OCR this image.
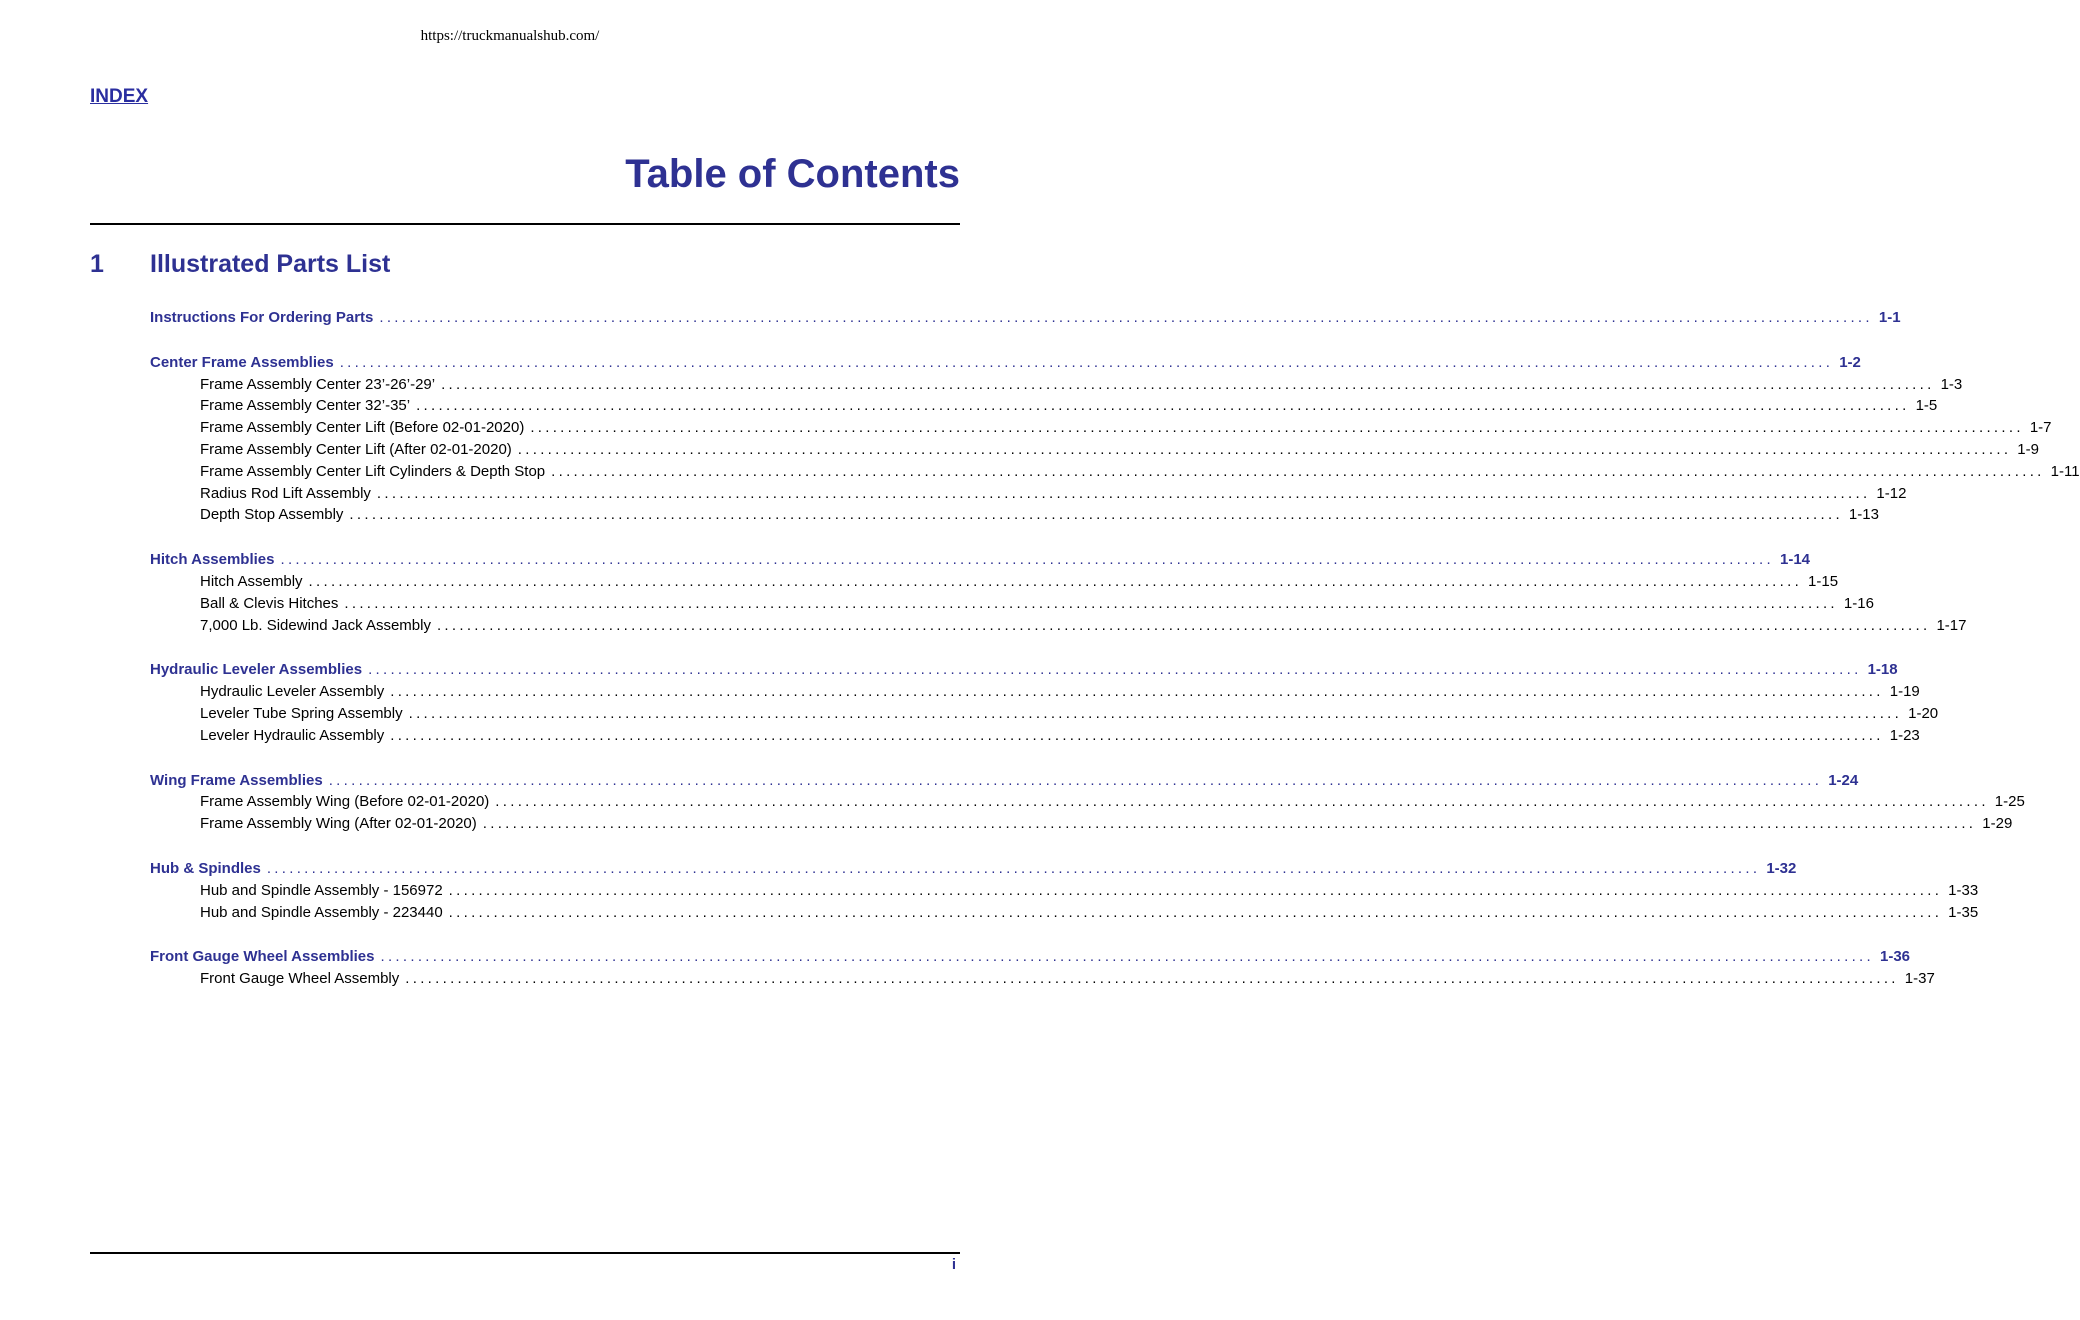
https://truckmanualshub.com/
INDEX
Table of Contents
1 Illustrated Parts List
Instructions For Ordering Parts ........................................................................................................................................................................................................ 1-1
Center Frame Assemblies ........................................................................................................................................................................................................ 1-2
Frame Assembly Center 23’-26’-29’ ........................................................................................................................................................................................................ 1-3
Frame Assembly Center 32’-35’ ........................................................................................................................................................................................................ 1-5
Frame Assembly Center Lift (Before 02-01-2020) ........................................................................................................................................................................................................ 1-7
Frame Assembly Center Lift (After 02-01-2020) ........................................................................................................................................................................................................ 1-9
Frame Assembly Center Lift Cylinders & Depth Stop ........................................................................................................................................................................................................ 1-11
Radius Rod Lift Assembly ........................................................................................................................................................................................................ 1-12
Depth Stop Assembly ........................................................................................................................................................................................................ 1-13
Hitch Assemblies ........................................................................................................................................................................................................ 1-14
Hitch Assembly ........................................................................................................................................................................................................ 1-15
Ball & Clevis Hitches ........................................................................................................................................................................................................ 1-16
7,000 Lb. Sidewind Jack Assembly ........................................................................................................................................................................................................ 1-17
Hydraulic Leveler Assemblies ........................................................................................................................................................................................................ 1-18
Hydraulic Leveler Assembly ........................................................................................................................................................................................................ 1-19
Leveler Tube Spring Assembly ........................................................................................................................................................................................................ 1-20
Leveler Hydraulic Assembly ........................................................................................................................................................................................................ 1-23
Wing Frame Assemblies ........................................................................................................................................................................................................ 1-24
Frame Assembly Wing (Before 02-01-2020) ........................................................................................................................................................................................................ 1-25
Frame Assembly Wing (After 02-01-2020) ........................................................................................................................................................................................................ 1-29
Hub & Spindles ........................................................................................................................................................................................................ 1-32
Hub and Spindle Assembly - 156972 ........................................................................................................................................................................................................ 1-33
Hub and Spindle Assembly - 223440 ........................................................................................................................................................................................................ 1-35
Front Gauge Wheel Assemblies ........................................................................................................................................................................................................ 1-36
Front Gauge Wheel Assembly ........................................................................................................................................................................................................ 1-37
i
